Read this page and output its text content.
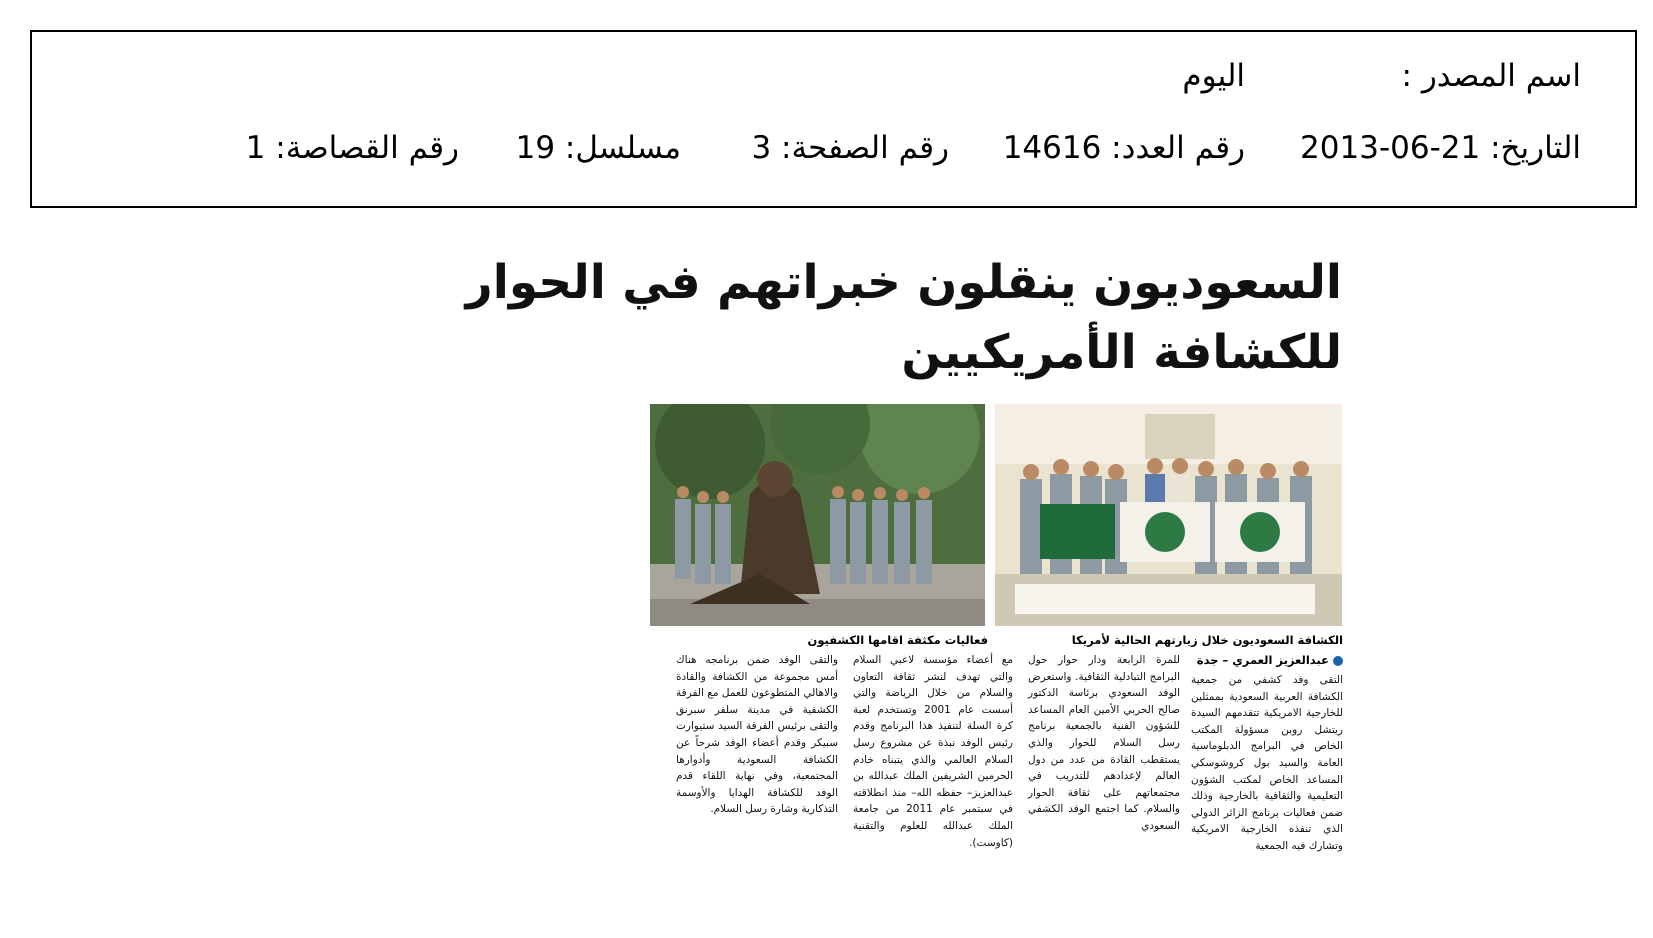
اسم المصدر :
اليوم
التاريخ: 21-06-2013
رقم العدد: 14616
رقم الصفحة: 3
مسلسل: 19
رقم القصاصة: 1
السعوديون ينقلون خبراتهم في الحوار للكشافة الأمريكيين
الكشافة السعوديون خلال زيارتهم الحالية لأمريكا
فعاليات مكثفة اقامها الكشفيون
عبدالعزيز العمري – جدة

التقى وفد كشفي من جمعية الكشافة العربية السعودية بممثلين للخارجية الامريكية تتقدمهم السيدة ريتشل روبن مسؤولة المكتب الخاص في البرامج الدبلوماسية العامة والسيد بول كروشوسكي المساعد الخاص لمكتب الشؤون التعليمية والثقافية بالخارجية وذلك ضمن فعاليات برنامج الزائر الدولي الذي تنفذه الخارجية الامريكية وتشارك فيه الجمعية

للمرة الرابعة ودار حوار حول البرامج التبادلية الثقافية. واستعرض الوفد السعودي برئاسة الدكتور صالح الحربي الأمين العام المساعد للشؤون الفنية بالجمعية برنامج رسل السلام للحوار والذي يستقطب القادة من عدد من دول العالم لإعدادهم للتدريب في مجتمعاتهم على ثقافة الحوار والسلام. كما اجتمع الوفد الكشفي السعودي

مع أعضاء مؤسسة لاعبي السلام والتي تهدف لنشر ثقافة التعاون والسلام من خلال الرياضة والتي أسست عام 2001 وتستخدم لعبة كرة السلة لتنفيذ هذا البرنامج وقدم رئيس الوفد نبذة عن مشروع رسل السلام العالمي والذي يتبناه خادم الحرمين الشريفين الملك عبدالله بن عبدالعزيز– حفظه الله– منذ انطلاقته في سبتمبر عام 2011 من جامعة الملك عبدالله للعلوم والتقنية (كاوست).

والتقى الوفد ضمن برنامجه هناك أمس مجموعة من الكشافة والقادة والاهالي المتطوعون للعمل مع الفرقة الكشفية في مدينة سلفر سبرنق والتقى برئيس الفرقة السيد ستيوارت سبيكر وقدم أعضاء الوفد شرحاً عن الكشافة السعودية وأدوارها المجتمعية، وفي نهاية اللقاء قدم الوفد للكشافة الهدايا والأوسمة التذكارية وشارة رسل السلام.
